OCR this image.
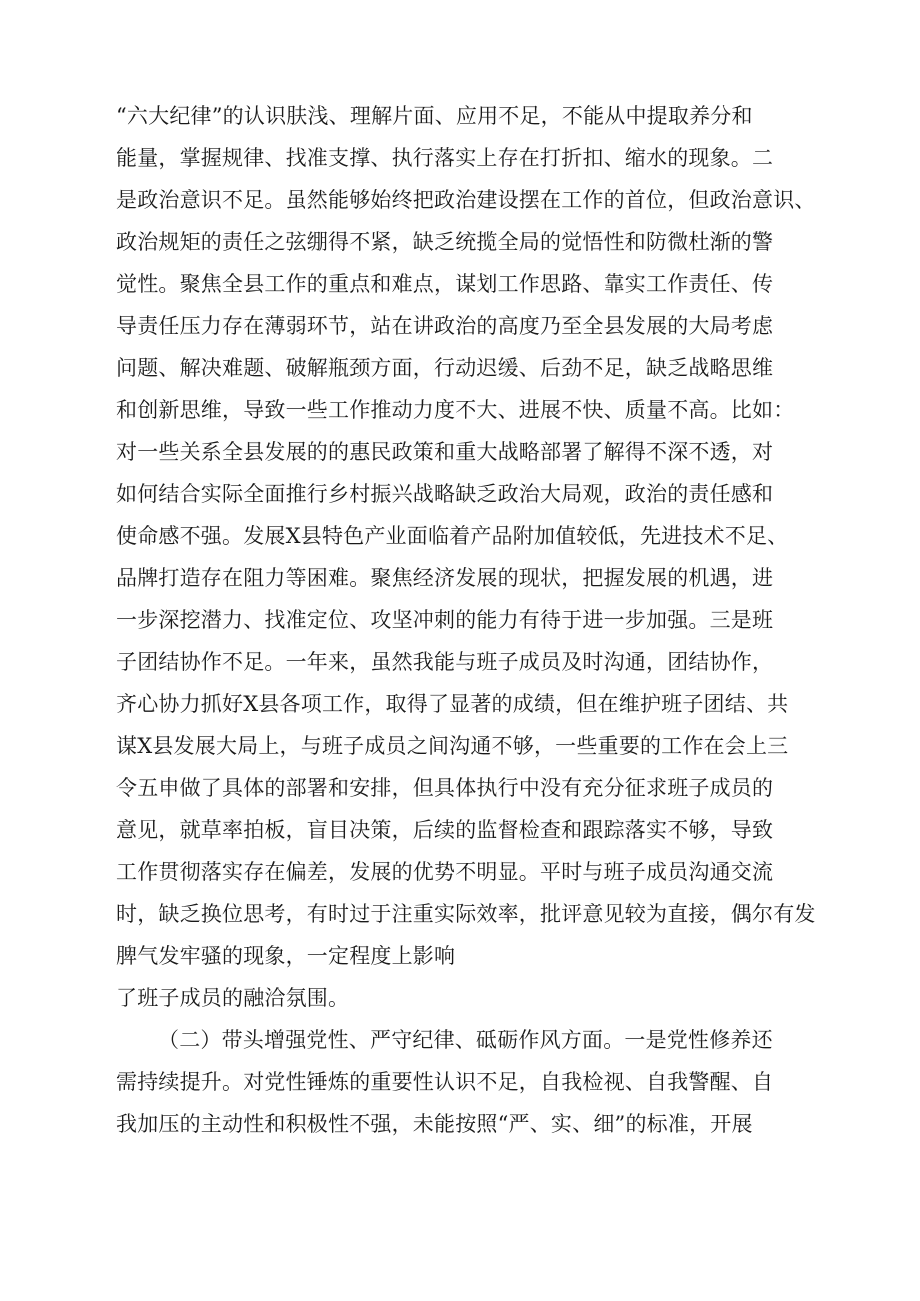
“六大纪律”的认识肤浅、理解片面、应用不足，不能从中提取养分和
能量，掌握规律、找准支撑、执行落实上存在打折扣、缩水的现象。二
是政治意识不足。虽然能够始终把政治建设摆在工作的首位，但政治意识、
政治规矩的责任之弦绷得不紧，缺乏统揽全局的觉悟性和防微杜渐的警
觉性。聚焦全县工作的重点和难点，谋划工作思路、靠实工作责任、传
导责任压力存在薄弱环节，站在讲政治的高度乃至全县发展的大局考虑
问题、解决难题、破解瓶颈方面，行动迟缓、后劲不足，缺乏战略思维
和创新思维，导致一些工作推动力度不大、进展不快、质量不高。比如：
对一些关系全县发展的的惠民政策和重大战略部署了解得不深不透，对
如何结合实际全面推行乡村振兴战略缺乏政治大局观，政治的责任感和
使命感不强。发展X县特色产业面临着产品附加值较低，先进技术不足、
品牌打造存在阻力等困难。聚焦经济发展的现状，把握发展的机遇，进
一步深挖潜力、找准定位、攻坚冲刺的能力有待于进一步加强。三是班
子团结协作不足。一年来，虽然我能与班子成员及时沟通，团结协作，
齐心协力抓好X县各项工作，取得了显著的成绩，但在维护班子团结、共
谋X县发展大局上，与班子成员之间沟通不够，一些重要的工作在会上三
令五申做了具体的部署和安排，但具体执行中没有充分征求班子成员的
意见，就草率拍板，盲目决策，后续的监督检查和跟踪落实不够，导致
工作贯彻落实存在偏差，发展的优势不明显。平时与班子成员沟通交流
时，缺乏换位思考，有时过于注重实际效率，批评意见较为直接，偶尔有发
脾气发牢骚的现象，一定程度上影响
了班子成员的融洽氛围。
（二）带头增强党性、严守纪律、砥砺作风方面。一是党性修养还
需持续提升。对党性锤炼的重要性认识不足，自我检视、自我警醒、自
我加压的主动性和积极性不强，未能按照“严、实、细”的标准，开展
